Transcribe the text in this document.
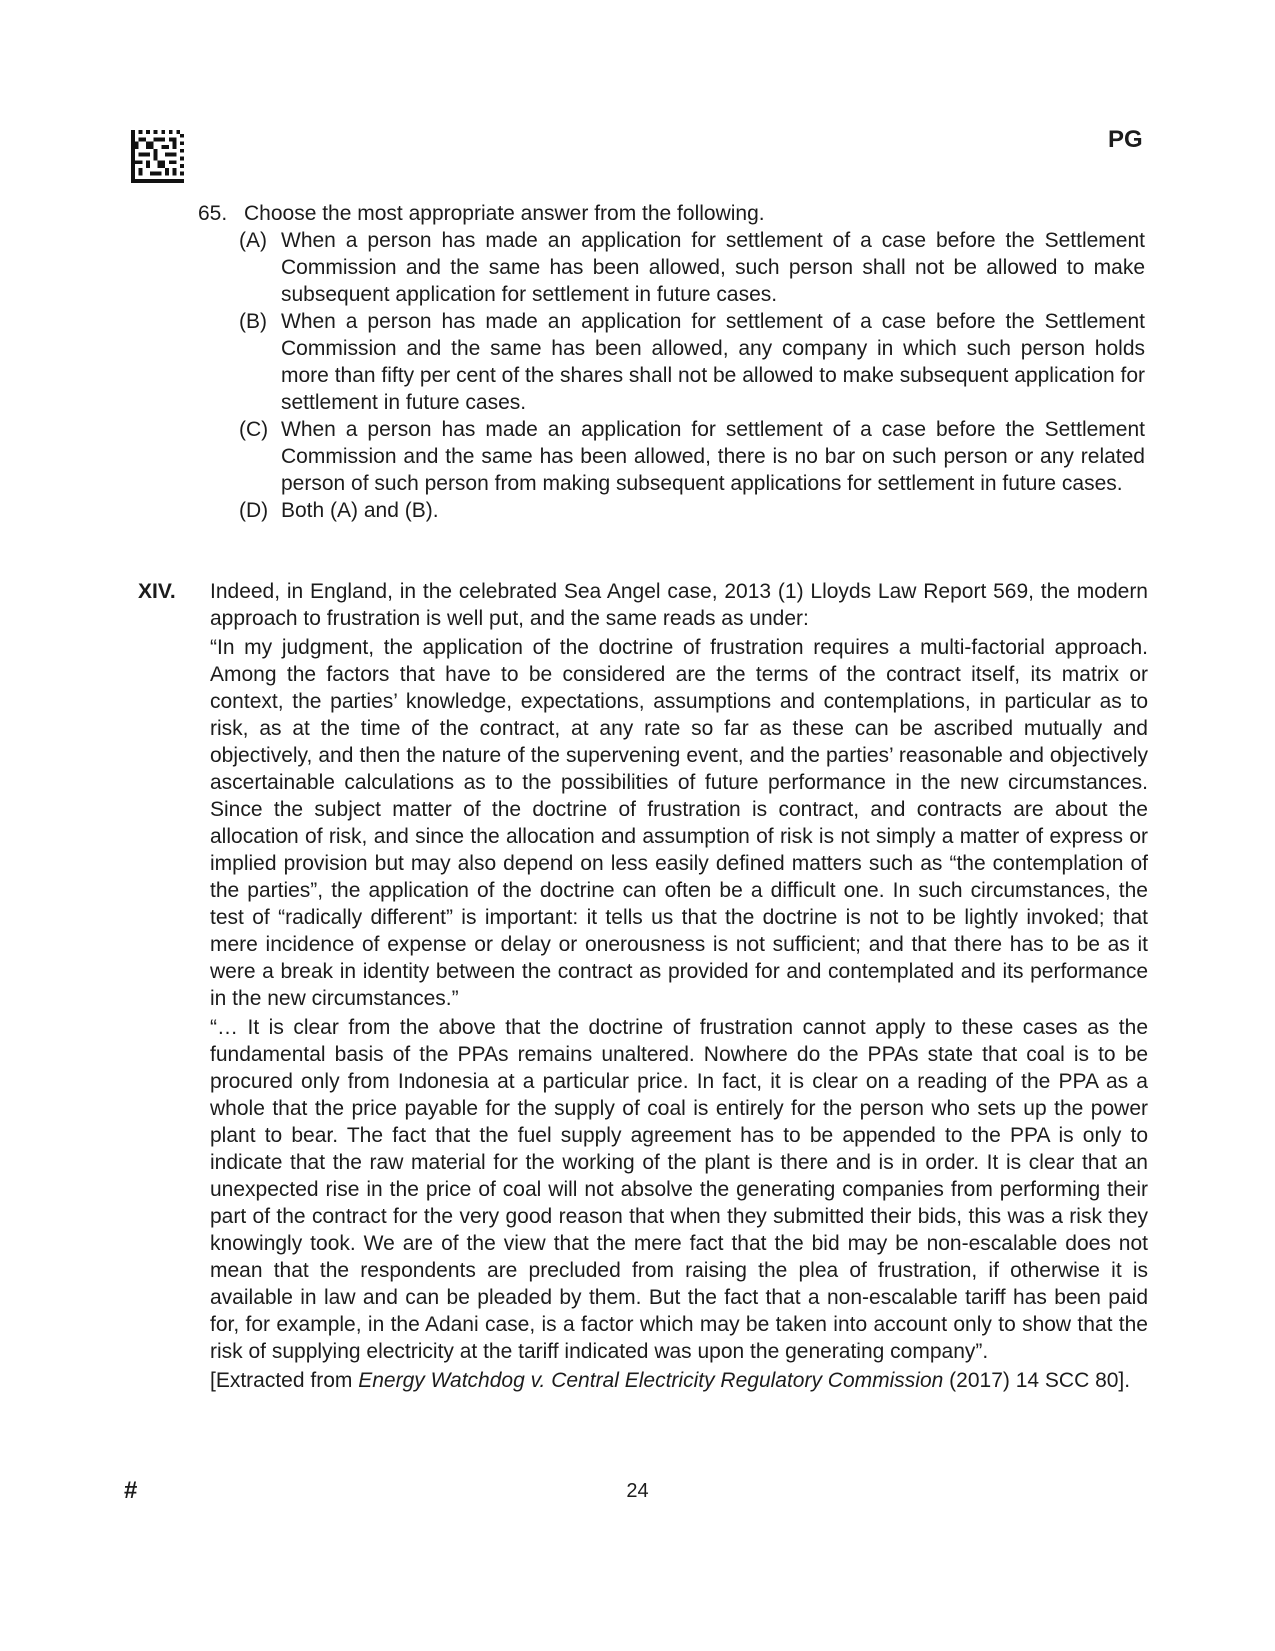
PG
65. Choose the most appropriate answer from the following.
(A) When a person has made an application for settlement of a case before the Settlement Commission and the same has been allowed, such person shall not be allowed to make subsequent application for settlement in future cases.
(B) When a person has made an application for settlement of a case before the Settlement Commission and the same has been allowed, any company in which such person holds more than fifty per cent of the shares shall not be allowed to make subsequent application for settlement in future cases.
(C) When a person has made an application for settlement of a case before the Settlement Commission and the same has been allowed, there is no bar on such person or any related person of such person from making subsequent applications for settlement in future cases.
(D) Both (A) and (B).
XIV. Indeed, in England, in the celebrated Sea Angel case, 2013 (1) Lloyds Law Report 569, the modern approach to frustration is well put, and the same reads as under:

“In my judgment, the application of the doctrine of frustration requires a multi-factorial approach. Among the factors that have to be considered are the terms of the contract itself, its matrix or context, the parties’ knowledge, expectations, assumptions and contemplations, in particular as to risk, as at the time of the contract, at any rate so far as these can be ascribed mutually and objectively, and then the nature of the supervening event, and the parties’ reasonable and objectively ascertainable calculations as to the possibilities of future performance in the new circumstances. Since the subject matter of the doctrine of frustration is contract, and contracts are about the allocation of risk, and since the allocation and assumption of risk is not simply a matter of express or implied provision but may also depend on less easily defined matters such as “the contemplation of the parties”, the application of the doctrine can often be a difficult one. In such circumstances, the test of “radically different” is important: it tells us that the doctrine is not to be lightly invoked; that mere incidence of expense or delay or onerousness is not sufficient; and that there has to be as it were a break in identity between the contract as provided for and contemplated and its performance in the new circumstances.”

“… It is clear from the above that the doctrine of frustration cannot apply to these cases as the fundamental basis of the PPAs remains unaltered. Nowhere do the PPAs state that coal is to be procured only from Indonesia at a particular price. In fact, it is clear on a reading of the PPA as a whole that the price payable for the supply of coal is entirely for the person who sets up the power plant to bear. The fact that the fuel supply agreement has to be appended to the PPA is only to indicate that the raw material for the working of the plant is there and is in order. It is clear that an unexpected rise in the price of coal will not absolve the generating companies from performing their part of the contract for the very good reason that when they submitted their bids, this was a risk they knowingly took. We are of the view that the mere fact that the bid may be non-escalable does not mean that the respondents are precluded from raising the plea of frustration, if otherwise it is available in law and can be pleaded by them. But the fact that a non-escalable tariff has been paid for, for example, in the Adani case, is a factor which may be taken into account only to show that the risk of supplying electricity at the tariff indicated was upon the generating company”.

[Extracted from Energy Watchdog v. Central Electricity Regulatory Commission (2017) 14 SCC 80].

#	24
